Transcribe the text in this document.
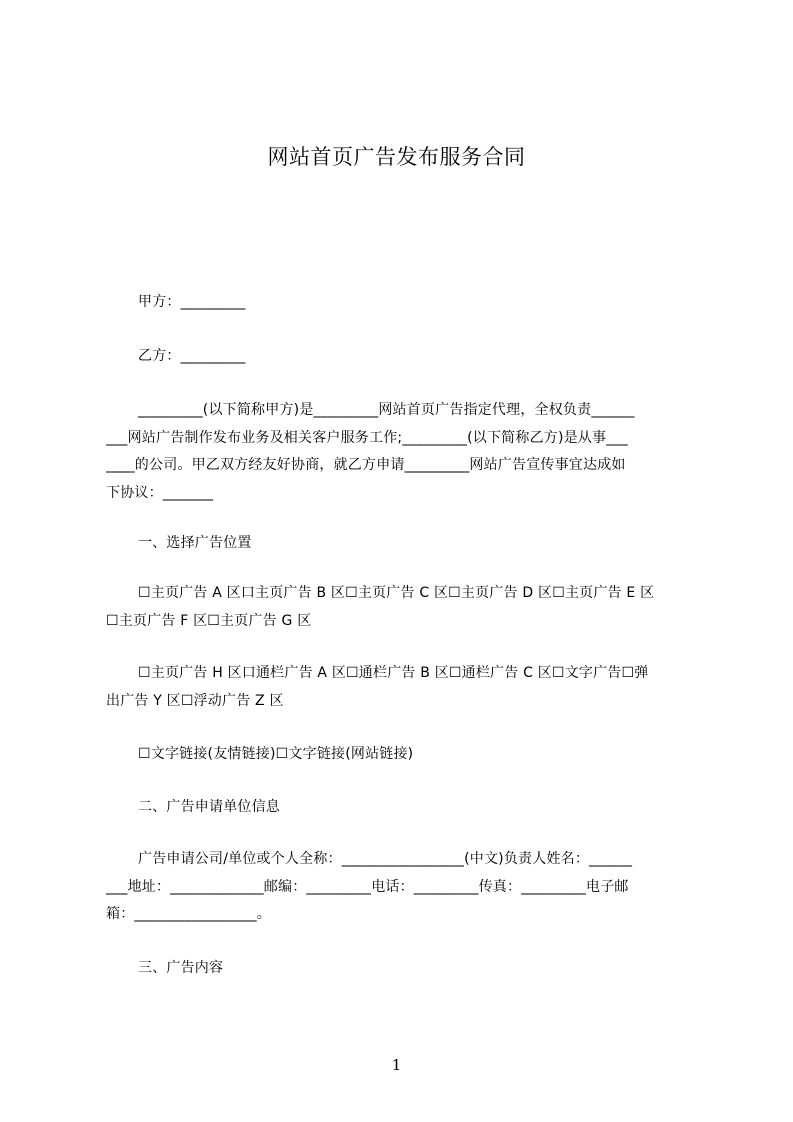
网站首页广告发布服务合同
甲方：_________
乙方：_________
_________(以下简称甲方)是_________网站首页广告指定代理，全权负责______
___网站广告制作发布业务及相关客户服务工作;_________(以下简称乙方)是从事___
____的公司。甲乙双方经友好协商，就乙方申请_________网站广告宣传事宜达成如
下协议：_______
一、选择广告位置
☐主页广告 A 区口主页广告 B 区☐主页广告 C 区☐主页广告 D 区☐主页广告 E 区
☐主页广告 F 区☐主页广告 G 区
☐主页广告 H 区口通栏广告 A 区☐通栏广告 B 区☐通栏广告 C 区☐文字广告☐弹
出广告 Y 区☐浮动广告 Z 区
☐文字链接(友情链接)☐文字链接(网站链接)
二、广告申请单位信息
广告申请公司/单位或个人全称：_________________(中文)负责人姓名：______
___地址：_____________邮编：_________电话：_________传真：_________电子邮
箱：_________________。
三、广告内容
1
